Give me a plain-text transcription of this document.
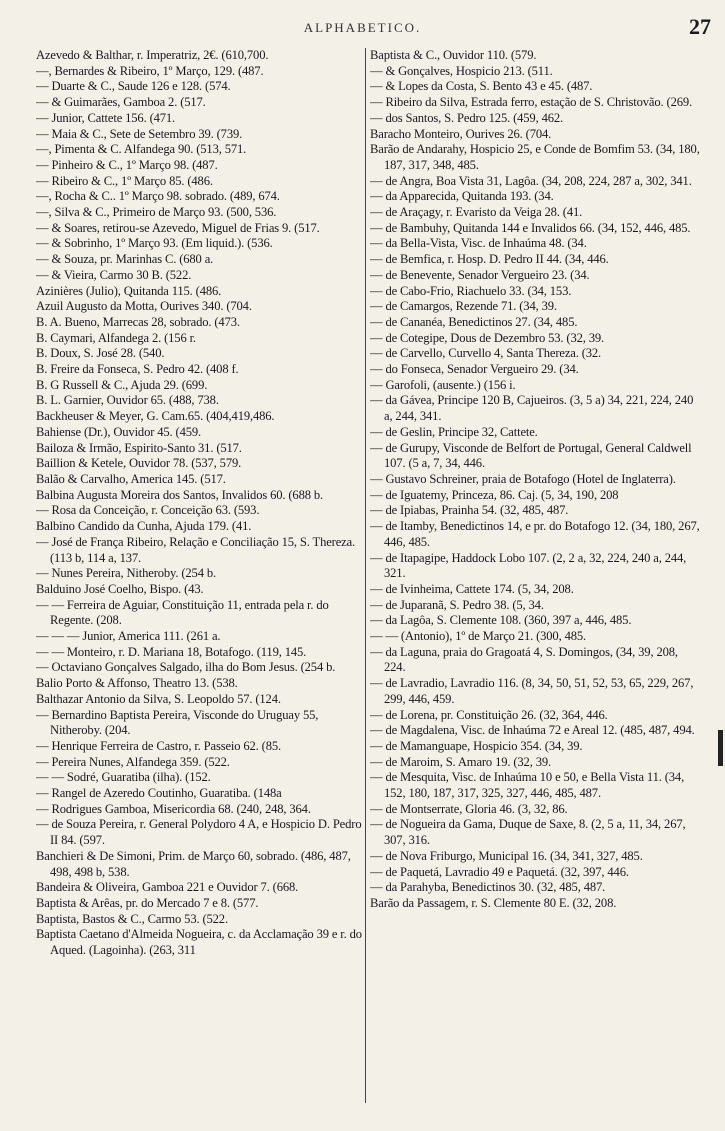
ALPHABETICO.	27
Azevedo & Balthar, r. Imperatriz, 2€. (610,700.
—, Bernardes & Ribeiro, 1º Março, 129. (487.
— Duarte & C., Saude 126 e 128. (574.
— & Guimarães, Gamboa 2. (517.
— Junior, Cattete 156. (471.
— Maia & C., Sete de Setembro 39. (739.
—, Pimenta & C. Alfandega 90. (513, 571.
— Pinheiro & C., 1º Março 98. (487.
— Ribeiro & C., 1º Março 85. (486.
—, Rocha & C.. 1º Março 98. sobrado. (489, 674.
—, Silva & C., Primeiro de Março 93. (500, 536.
— & Soares, retirou-se Azevedo, Miguel de Frias 9. (517.
— & Sobrinho, 1º Março 93. (Em liquid.). (536.
— & Souza, pr. Marinhas C. (680 a.
— & Vieira, Carmo 30 B. (522.
Azinières (Julio), Quitanda 115. (486.
Azuil Augusto da Motta, Ourives 340. (704.
B. A. Bueno, Marrecas 28, sobrado. (473.
B. Caymari, Alfandega 2. (156 r.
B. Doux, S. José 28. (540.
B. Freire da Fonseca, S. Pedro 42. (408 f.
B. G Russell & C., Ajuda 29. (699.
B. L. Garnier, Ouvidor 65. (488, 738.
Backheuser & Meyer, G. Cam.65. (404,419,486.
Bahiense (Dr.), Ouvidor 45. (459.
Bailoza & Irmão, Espirito-Santo 31. (517.
Baillion & Ketele, Ouvidor 78. (537, 579.
Balão & Carvalho, America 145. (517.
Balbina Augusta Moreira dos Santos, Invalidos 60. (688 b.
— Rosa da Conceição, r. Conceição 63. (593.
Balbino Candido da Cunha, Ajuda 179. (41.
— José de França Ribeiro, Relação e Conciliação 15, S. Thereza. (113 b, 114 a, 137.
— Nunes Pereira, Nitheroby. (254 b.
Balduino José Coelho, Bispo. (43.
— — Ferreira de Aguiar, Constituição 11, entrada pela r. do Regente. (208.
— — — Junior, America 111. (261 a.
— — Monteiro, r. D. Mariana 18, Botafogo. (119, 145.
— Octaviano Gonçalves Salgado, ilha do Bom Jesus. (254 b.
Balio Porto & Affonso, Theatro 13. (538.
Balthazar Antonio da Silva, S. Leopoldo 57. (124.
— Bernardino Baptista Pereira, Visconde do Uruguay 55, Nitheroby. (204.
— Henrique Ferreira de Castro, r. Passeio 62. (85.
— Pereira Nunes, Alfandega 359. (522.
— — Sodré, Guaratiba (ilha). (152.
— Rangel de Azeredo Coutinho, Guaratiba. (148a
— Rodrigues Gamboa, Misericordia 68. (240, 248, 364.
— de Souza Pereira, r. General Polydoro 4 A, e Hospicio D. Pedro II 84. (597.
Banchieri & De Simoni, Prim. de Março 60, sobrado. (486, 487, 498, 498 b, 538.
Bandeira & Oliveira, Gamboa 221 e Ouvidor 7. (668.
Baptista & Arêas, pr. do Mercado 7 e 8. (577.
Baptista, Bastos & C., Carmo 53. (522.
Baptista Caetano d'Almeida Nogueira, c. da Acclamação 39 e r. do Aqued. (Lagoinha). (263, 311
Baptista & C., Ouvidor 110. (579.
— & Gonçalves, Hospicio 213. (511.
— & Lopes da Costa, S. Bento 43 e 45. (487.
— Ribeiro da Silva, Estrada ferro, estação de S. Christovão. (269.
— dos Santos, S. Pedro 125. (459, 462.
Baracho Monteiro, Ourives 26. (704.
Barão de Andarahy, Hospicio 25, e Conde de Bomfim 53. (34, 180, 187, 317, 348, 485.
— de Angra, Boa Vista 31, Lagôa. (34, 208, 224, 287 a, 302, 341.
— da Apparecida, Quitanda 193. (34.
— de Araçagy, r. Evaristo da Veiga 28. (41.
— de Bambuhy, Quitanda 144 e Invalidos 66. (34, 152, 446, 485.
— da Bella-Vista, Visc. de Inhaúma 48. (34.
— de Bemfica, r. Hosp. D. Pedro II 44. (34, 446.
— de Benevente, Senador Vergueiro 23. (34.
— de Cabo-Frio, Riachuelo 33. (34, 153.
— de Camargos, Rezende 71. (34, 39.
— de Cananéa, Benedictinos 27. (34, 485.
— de Cotegipe, Dous de Dezembro 53. (32, 39.
— de Carvello, Curvello 4, Santa Thereza. (32.
— do Fonseca, Senador Vergueiro 29. (34.
— Garofoli, (ausente.) (156 i.
— da Gávea, Principe 120 B, Cajueiros. (3, 5 a) 34, 221, 224, 240 a, 244, 341.
— de Geslin, Principe 32, Cattete.
— de Gurupy, Visconde de Belfort de Portugal, General Caldwell 107. (5 a, 7, 34, 446.
— Gustavo Schreiner, praia de Botafogo (Hotel de Inglaterra).
— de Iguatemy, Princeza, 86. Caj. (5, 34, 190, 208
— de Ipiabas, Prainha 54. (32, 485, 487.
— de Itamby, Benedictinos 14, e pr. do Botafogo 12. (34, 180, 267, 446, 485.
— de Itapagipe, Haddock Lobo 107. (2, 2 a, 32, 224, 240 a, 244, 321.
— de Ivinheima, Cattete 174. (5, 34, 208.
— de Juparanã, S. Pedro 38. (5, 34.
— da Lagôa, S. Clemente 108. (360, 397 a, 446, 485.
— — (Antonio), 1º de Março 21. (300, 485.
— da Laguna, praia do Gragoatá 4, S. Domingos, (34, 39, 208, 224.
— de Lavradio, Lavradio 116. (8, 34, 50, 51, 52, 53, 65, 229, 267, 299, 446, 459.
— de Lorena, pr. Constituição 26. (32, 364, 446.
— de Magdalena, Visc. de Inhaúma 72 e Areal 12. (485, 487, 494.
— de Mamanguape, Hospicio 354. (34, 39.
— de Maroim, S. Amaro 19. (32, 39.
— de Mesquita, Visc. de Inhaúma 10 e 50, e Bella Vista 11. (34, 152, 180, 187, 317, 325, 327, 446, 485, 487.
— de Montserrate, Gloria 46. (3, 32, 86.
— de Nogueira da Gama, Duque de Saxe, 8. (2, 5 a, 11, 34, 267, 307, 316.
— de Nova Friburgo, Municipal 16. (34, 341, 327, 485.
— de Paquetá, Lavradio 49 e Paquetá. (32, 397, 446.
— da Parahyba, Benedictinos 30. (32, 485, 487.
Barão da Passagem, r. S. Clemente 80 E. (32, 208.
